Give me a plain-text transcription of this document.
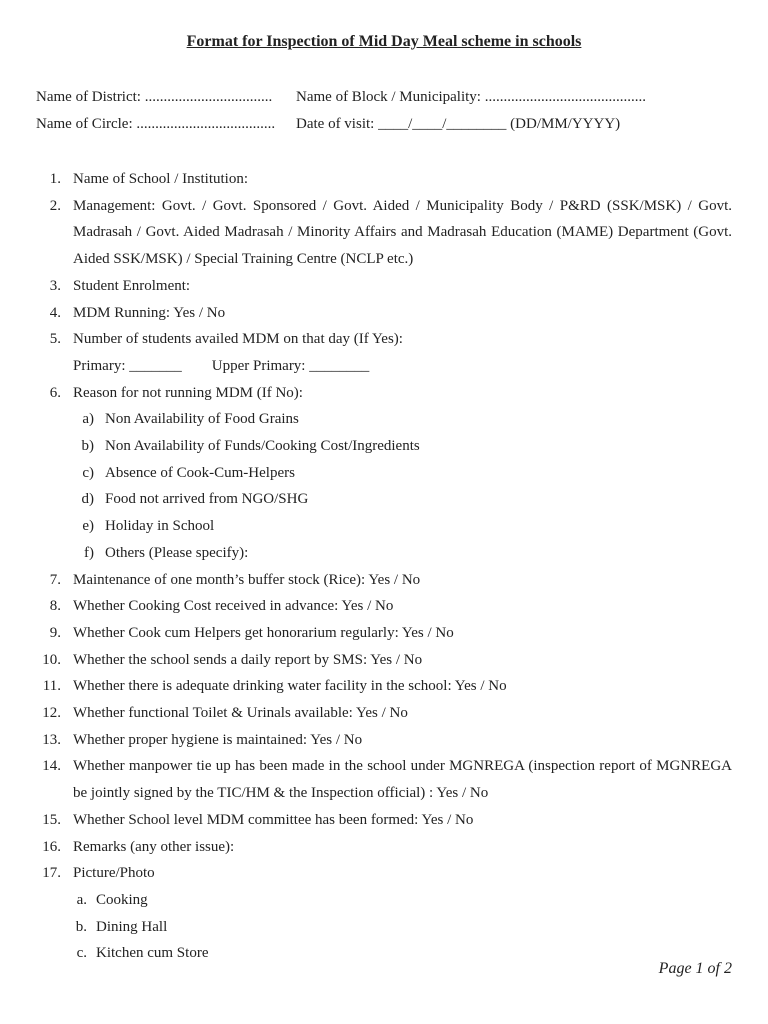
Format for Inspection of Mid Day Meal scheme in schools
Name of District: .................................. Name of Block / Municipality: ...........................................
Name of Circle: ..................................... Date of visit: ____/____/________ (DD/MM/YYYY)
1. Name of School / Institution:
2. Management: Govt. / Govt. Sponsored / Govt. Aided / Municipality Body / P&RD (SSK/MSK) / Govt. Madrasah / Govt. Aided Madrasah / Minority Affairs and Madrasah Education (MAME) Department (Govt. Aided SSK/MSK) / Special Training Centre (NCLP etc.)
3. Student Enrolment:
4. MDM Running: Yes / No
5. Number of students availed MDM on that day (If Yes):
Primary: _______ Upper Primary: ________
6. Reason for not running MDM (If No):
a) Non Availability of Food Grains
b) Non Availability of Funds/Cooking Cost/Ingredients
c) Absence of Cook-Cum-Helpers
d) Food not arrived from NGO/SHG
e) Holiday in School
f) Others (Please specify):
7. Maintenance of one month’s buffer stock (Rice): Yes / No
8. Whether Cooking Cost received in advance: Yes / No
9. Whether Cook cum Helpers get honorarium regularly: Yes / No
10. Whether the school sends a daily report by SMS: Yes / No
11. Whether there is adequate drinking water facility in the school: Yes / No
12. Whether functional Toilet & Urinals available: Yes / No
13. Whether proper hygiene is maintained: Yes / No
14. Whether manpower tie up has been made in the school under MGNREGA (inspection report of MGNREGA be jointly signed by the TIC/HM & the Inspection official) : Yes / No
15. Whether School level MDM committee has been formed: Yes / No
16. Remarks (any other issue):
17. Picture/Photo
a. Cooking
b. Dining Hall
c. Kitchen cum Store
Page 1 of 2
